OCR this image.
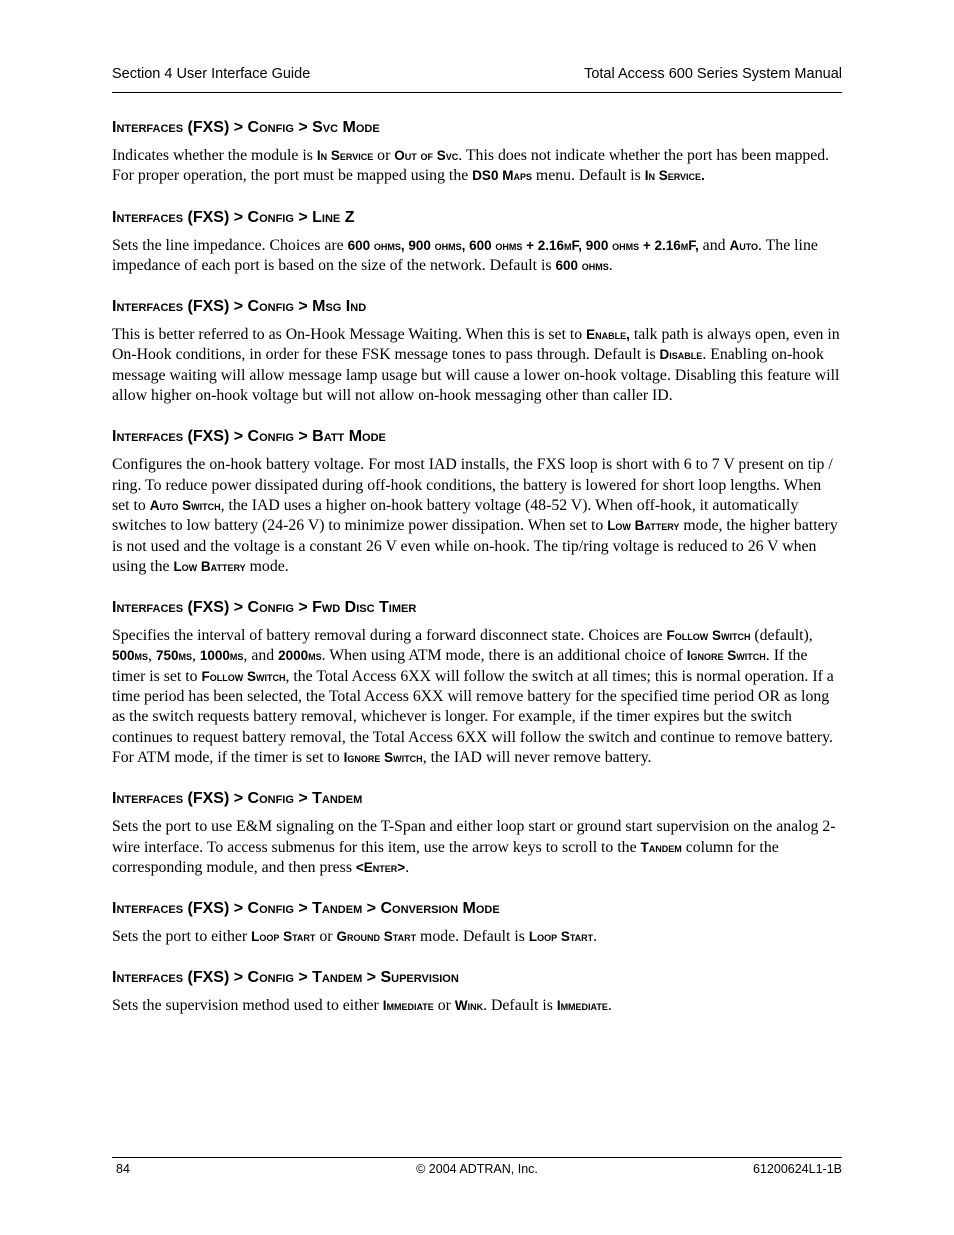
Section 4 User Interface Guide	Total Access 600 Series System Manual
Interfaces (FXS) > Config > Svc Mode

Indicates whether the module is In Service or Out of Svc. This does not indicate whether the port has been mapped. For proper operation, the port must be mapped using the DS0 Maps menu. Default is In Service.

Interfaces (FXS) > Config > Line Z

Sets the line impedance. Choices are 600 ohms, 900 ohms, 600 ohms + 2.16µF, 900 ohms + 2.16µF, and Auto. The line impedance of each port is based on the size of the network. Default is 600 ohms.

Interfaces (FXS) > Config > Msg Ind

This is better referred to as On-Hook Message Waiting. When this is set to Enable, talk path is always open, even in On-Hook conditions, in order for these FSK message tones to pass through. Default is Disable. Enabling on-hook message waiting will allow message lamp usage but will cause a lower on-hook voltage. Disabling this feature will allow higher on-hook voltage but will not allow on-hook messaging other than caller ID.

Interfaces (FXS) > Config > Batt Mode

Configures the on-hook battery voltage. For most IAD installs, the FXS loop is short with 6 to 7 V present on tip / ring. To reduce power dissipated during off-hook conditions, the battery is lowered for short loop lengths. When set to Auto Switch, the IAD uses a higher on-hook battery voltage (48-52 V). When off-hook, it automatically switches to low battery (24-26 V) to minimize power dissipation. When set to Low Battery mode, the higher battery is not used and the voltage is a constant 26 V even while on-hook. The tip/ring voltage is reduced to 26 V when using the Low Battery mode.

Interfaces (FXS) > Config > Fwd Disc Timer

Specifies the interval of battery removal during a forward disconnect state. Choices are Follow Switch (default), 500ms, 750ms, 1000ms, and 2000ms. When using ATM mode, there is an additional choice of Ignore Switch. If the timer is set to Follow Switch, the Total Access 6XX will follow the switch at all times; this is normal operation. If a time period has been selected, the Total Access 6XX will remove battery for the specified time period OR as long as the switch requests battery removal, whichever is longer. For example, if the timer expires but the switch continues to request battery removal, the Total Access 6XX will follow the switch and continue to remove battery. For ATM mode, if the timer is set to Ignore Switch, the IAD will never remove battery.

Interfaces (FXS) > Config > Tandem

Sets the port to use E&M signaling on the T-Span and either loop start or ground start supervision on the analog 2-wire interface. To access submenus for this item, use the arrow keys to scroll to the Tandem column for the corresponding module, and then press <Enter>.

Interfaces (FXS) > Config > Tandem > Conversion Mode

Sets the port to either Loop Start or Ground Start mode. Default is Loop Start.

Interfaces (FXS) > Config > Tandem > Supervision

Sets the supervision method used to either Immediate or Wink. Default is Immediate.

84	© 2004 ADTRAN, Inc.	61200624L1-1B
